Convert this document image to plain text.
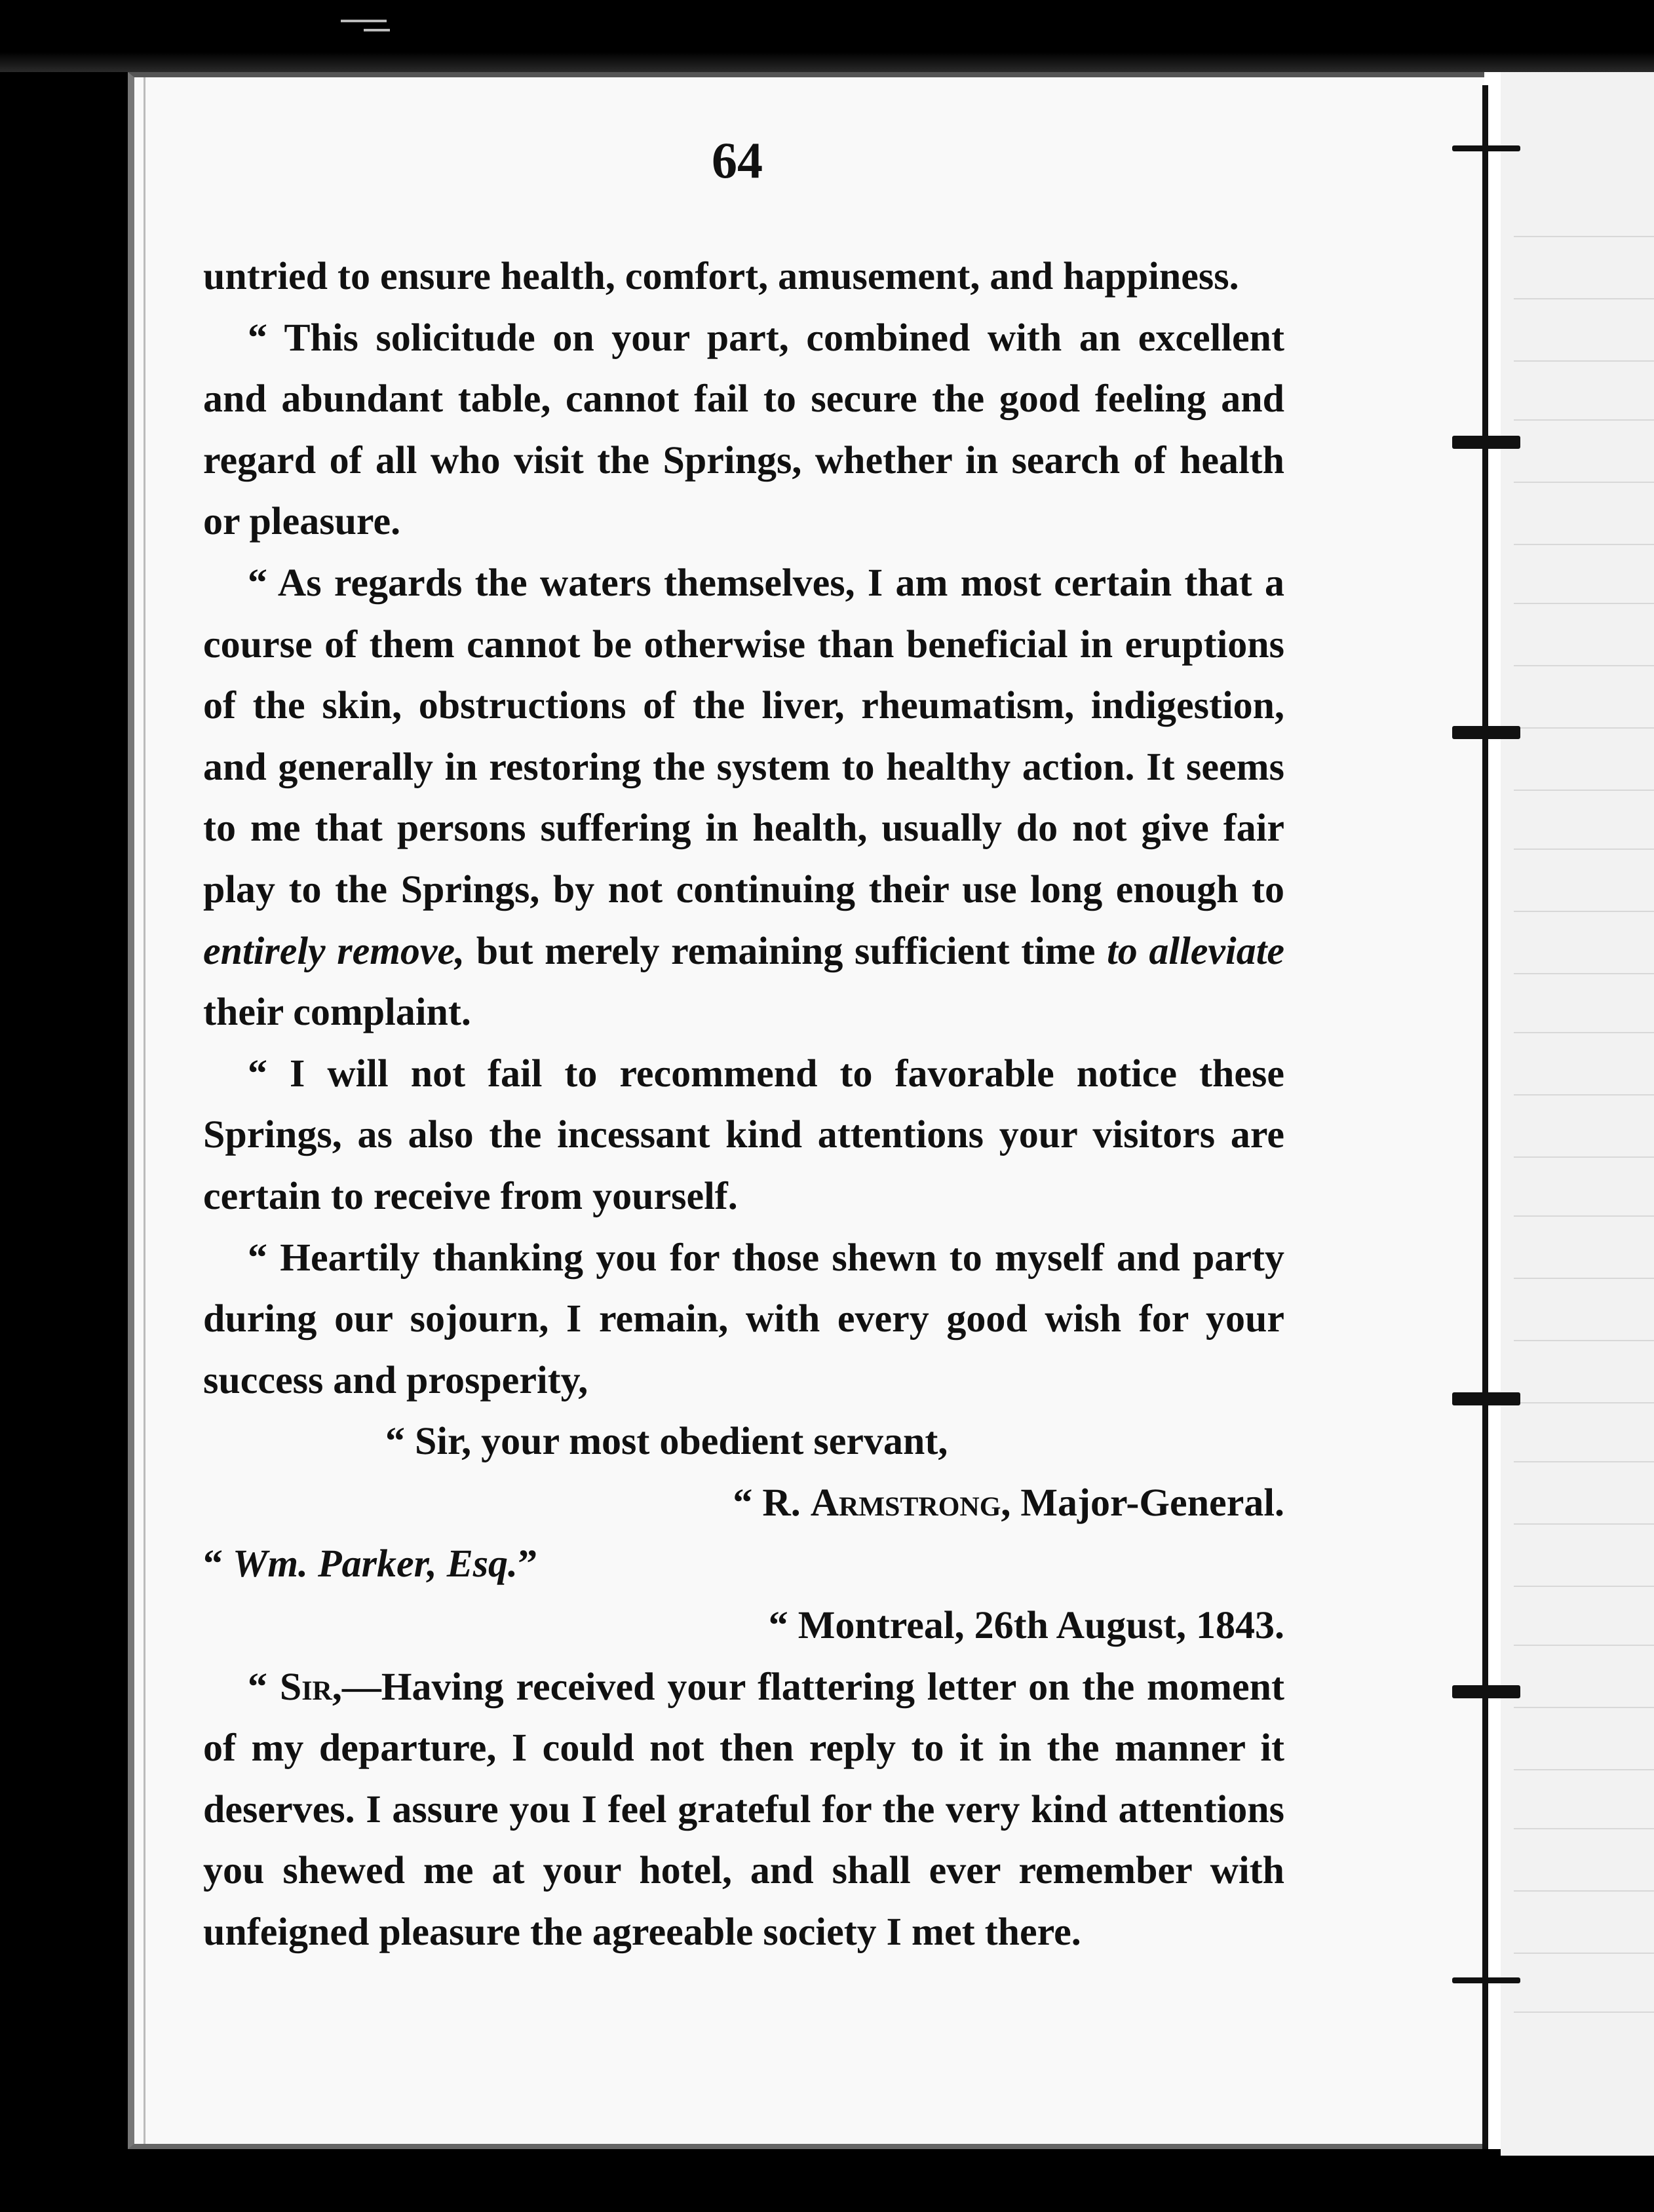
64

untried to ensure health, comfort, amusement, and happiness.

“ This solicitude on your part, combined with an excellent and abundant table, cannot fail to secure the good feeling and regard of all who visit the Springs, whether in search of health or pleasure.

“ As regards the waters themselves, I am most certain that a course of them cannot be otherwise than beneficial in eruptions of the skin, obstructions of the liver, rheumatism, indigestion, and generally in restoring the system to healthy action. It seems to me that persons suffering in health, usually do not give fair play to the Springs, by not continuing their use long enough to entirely remove, but merely remaining sufficient time to alleviate their complaint.

“ I will not fail to recommend to favorable notice these Springs, as also the incessant kind attentions your visitors are certain to receive from yourself.

“ Heartily thanking you for those shewn to myself and party during our sojourn, I remain, with every good wish for your success and prosperity,

“ Sir, your most obedient servant,

“ R. Armstrong, Major-General.

“ Wm. Parker, Esq.”

“ Montreal, 26th August, 1843.

“ Sir,—Having received your flattering letter on the moment of my departure, I could not then reply to it in the manner it deserves. I assure you I feel grateful for the very kind attentions you shewed me at your hotel, and shall ever remember with unfeigned pleasure the agreeable society I met there.
